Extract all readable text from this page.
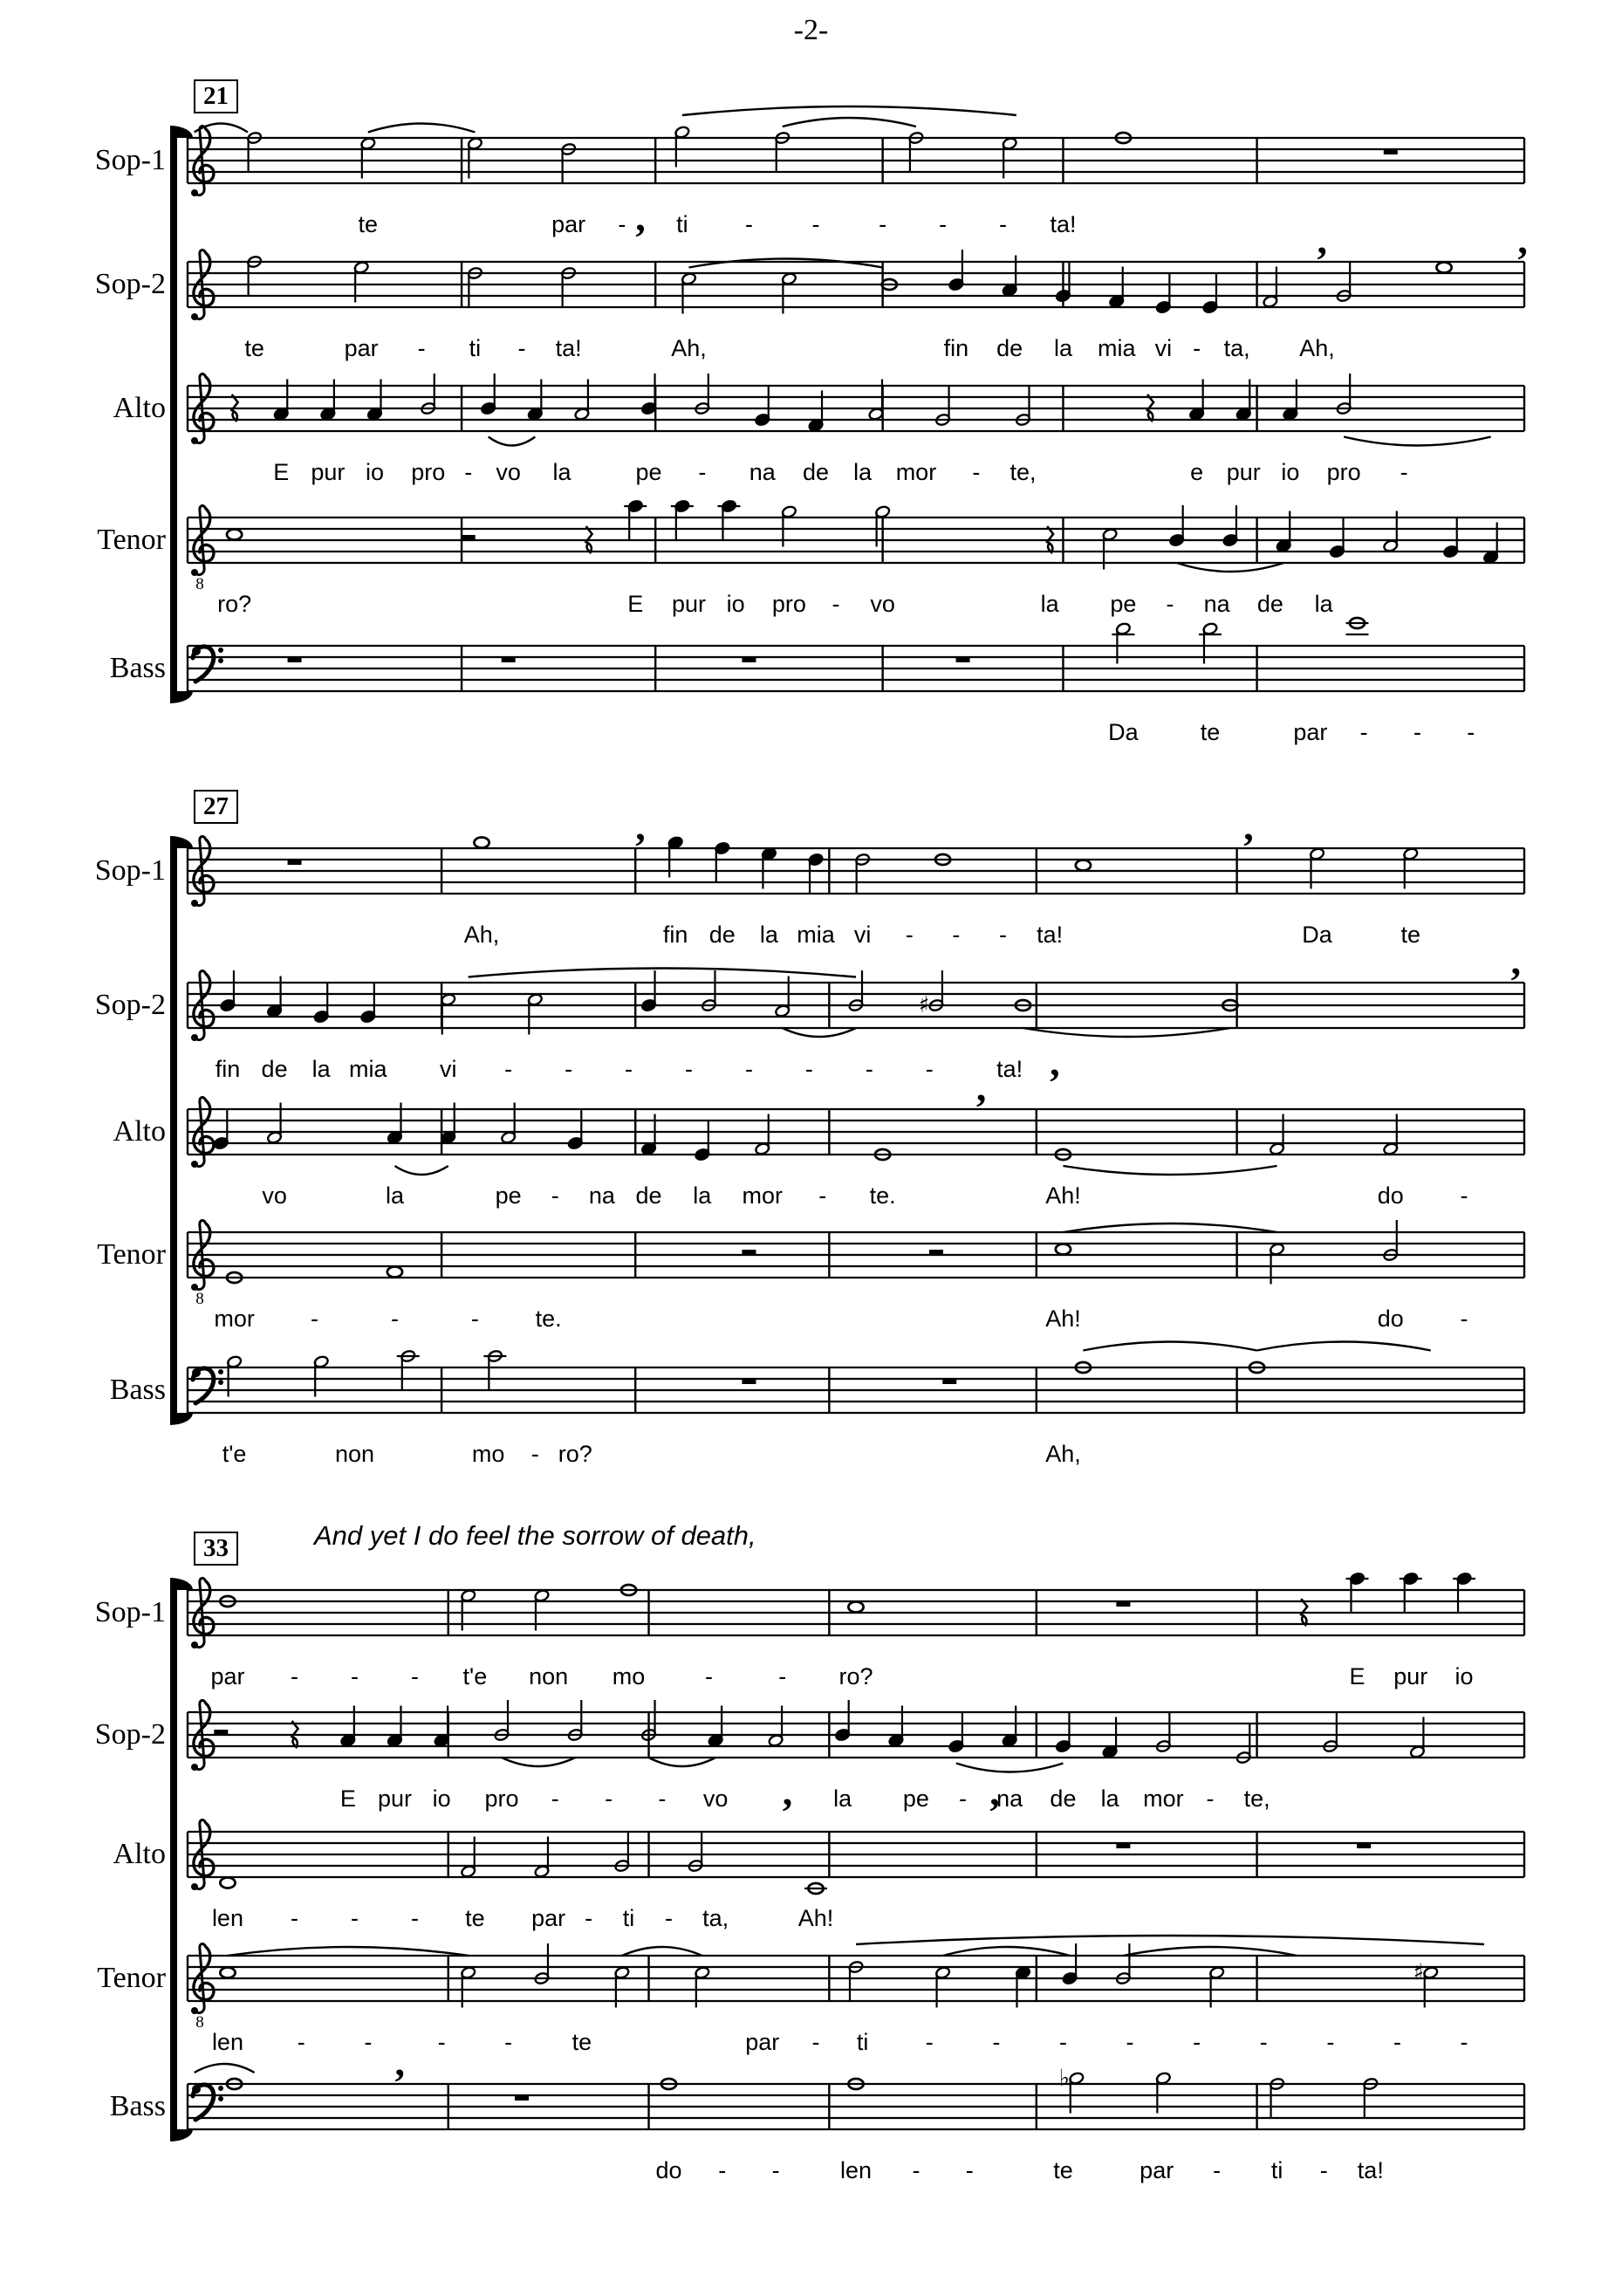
-2-
21
Sop-1
,
te	par - ti -	-	- - - ta!
Sop-2
,	,
te	par - ti - ta!	Ah,	fin de la mia vi - ta, Ah,
Alto
E pur io pro - vo la	pe - na de la mor - te,	e pur io pro -
Tenor
8
ro?	E pur io pro - vo	la pe - na de la
Bass
Da	te	par - - -
27
Sop-1
,	,
Ah,	fin de la mia vi - - - ta!	Da	te
Sop-2	♯
,
,
fin de la mia vi - - - - - - - -	ta!
Alto
,
vo	la	pe - na de la mor - te.	Ah!	do -
Tenor
8
mor -	-	- te.	Ah!	do -
Bass
t'e	non	mo - ro?	Ah,
33	And yet I do feel the sorrow of death,
Sop-1
par - - - t'e non mo	-	- ro?	E pur io
Sop-2
,	,
E pur io pro - - - vo	la pe - na de la mor - te,
Alto
len - - - te par - ti - ta,	Ah!
Tenor
8
♯
len -	-	-	-	te	par - ti -	-	-	-	-	-	-	-	-
Bass
♭
,
do - -	len - -	te	par - ti - ta!
